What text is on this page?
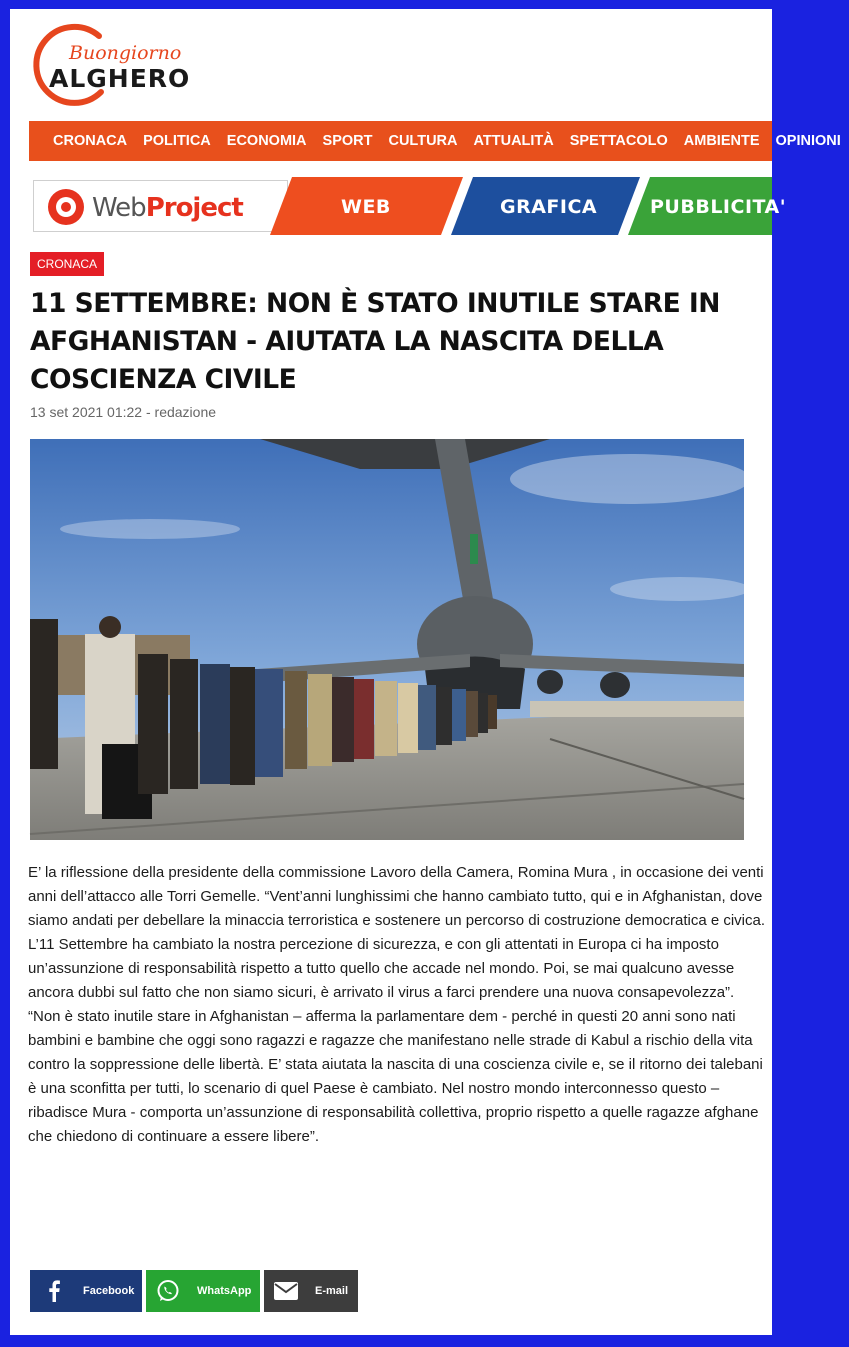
Buongiorno
ALGHERO
CRONACA	POLITICA	ECONOMIA	SPORT	CULTURA	ATTUALITÀ	SPETTACOLO	AMBIENTE	OPINIONI
WebProject	WEB	GRAFICA	PUBBLICITA'
CRONACA
11 SETTEMBRE: NON È STATO INUTILE STARE IN AFGHANISTAN - AIUTATA LA NASCITA DELLA COSCIENZA CIVILE
13 set 2021 01:22 - redazione

E’ la riflessione della presidente della commissione Lavoro della Camera, Romina Mura , in occasione dei venti anni dell’attacco alle Torri Gemelle. “Vent’anni lunghissimi che hanno cambiato tutto, qui e in Afghanistan, dove siamo andati per debellare la minaccia terroristica e sostenere un percorso di costruzione democratica e civica. L’11 Settembre ha cambiato la nostra percezione di sicurezza, e con gli attentati in Europa ci ha imposto un’assunzione di responsabilità rispetto a tutto quello che accade nel mondo. Poi, se mai qualcuno avesse ancora dubbi sul fatto che non siamo sicuri, è arrivato il virus a farci prendere una nuova consapevolezza”. “Non è stato inutile stare in Afghanistan – afferma la parlamentare dem - perché in questi 20 anni sono nati bambini e bambine che oggi sono ragazzi e ragazze che manifestano nelle strade di Kabul a rischio della vita contro la soppressione delle libertà. E’ stata aiutata la nascita di una coscienza civile e, se il ritorno dei talebani è una sconfitta per tutti, lo scenario di quel Paese è cambiato. Nel nostro mondo interconnesso questo – ribadisce Mura - comporta un’assunzione di responsabilità collettiva, proprio rispetto a quelle ragazze afghane che chiedono di continuare a essere libere”.

Facebook	WhatsApp	E-mail
